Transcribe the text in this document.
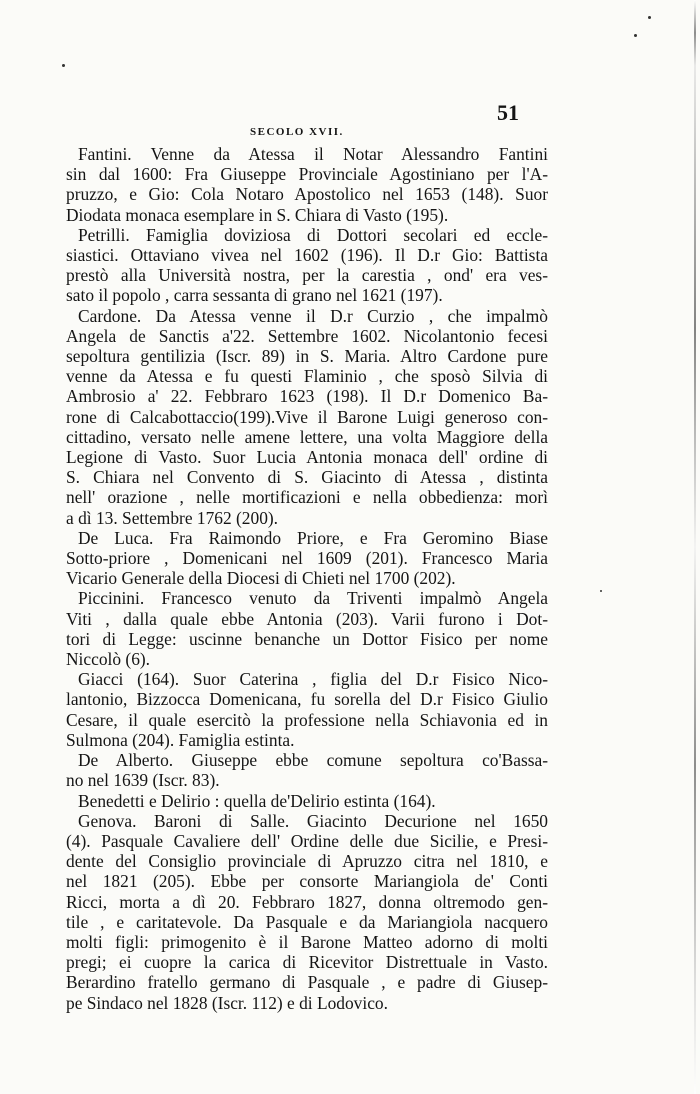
51
SECOLO XVII.
Fantini. Venne da Atessa il Notar Alessandro Fantini
sin dal 1600: Fra Giuseppe Provinciale Agostiniano per l'A-
pruzzo, e Gio: Cola Notaro Apostolico nel 1653 (148). Suor
Diodata monaca esemplare in S. Chiara di Vasto (195).
Petrilli. Famiglia doviziosa di Dottori secolari ed eccle-
siastici. Ottaviano vivea nel 1602 (196). Il D.r Gio: Battista
prestò alla Università nostra, per la carestia , ond' era ves-
sato il popolo , carra sessanta di grano nel 1621 (197).
Cardone. Da Atessa venne il D.r Curzio , che impalmò
Angela de Sanctis a'22. Settembre 1602. Nicolantonio fecesi
sepoltura gentilizia (Iscr. 89) in S. Maria. Altro Cardone pure
venne da Atessa e fu questi Flaminio , che sposò Silvia di
Ambrosio a' 22. Febbraro 1623 (198). Il D.r Domenico Ba-
rone di Calcabottaccio(199).Vive il Barone Luigi generoso con-
cittadino, versato nelle amene lettere, una volta Maggiore della
Legione di Vasto. Suor Lucia Antonia monaca dell' ordine di
S. Chiara nel Convento di S. Giacinto di Atessa , distinta
nell' orazione , nelle mortificazioni e nella obbedienza: morì
a dì 13. Settembre 1762 (200).
De Luca. Fra Raimondo Priore, e Fra Geromino Biase
Sotto-priore , Domenicani nel 1609 (201). Francesco Maria
Vicario Generale della Diocesi di Chieti nel 1700 (202).
Piccinini. Francesco venuto da Triventi impalmò Angela
Viti , dalla quale ebbe Antonia (203). Varii furono i Dot-
tori di Legge: uscinne benanche un Dottor Fisico per nome
Niccolò (6).
Giacci (164). Suor Caterina , figlia del D.r Fisico Nico-
lantonio, Bizzocca Domenicana, fu sorella del D.r Fisico Giulio
Cesare, il quale esercitò la professione nella Schiavonia ed in
Sulmona (204). Famiglia estinta.
De Alberto. Giuseppe ebbe comune sepoltura co'Bassa-
no nel 1639 (Iscr. 83).
Benedetti e Delirio : quella de'Delirio estinta (164).
Genova. Baroni di Salle. Giacinto Decurione nel 1650
(4). Pasquale Cavaliere dell' Ordine delle due Sicilie, e Presi-
dente del Consiglio provinciale di Apruzzo citra nel 1810, e
nel 1821 (205). Ebbe per consorte Mariangiola de' Conti
Ricci, morta a dì 20. Febbraro 1827, donna oltremodo gen-
tile , e caritatevole. Da Pasquale e da Mariangiola nacquero
molti figli: primogenito è il Barone Matteo adorno di molti
pregi; ei cuopre la carica di Ricevitor Distrettuale in Vasto.
Berardino fratello germano di Pasquale , e padre di Giusep-
pe Sindaco nel 1828 (Iscr. 112) e di Lodovico.
